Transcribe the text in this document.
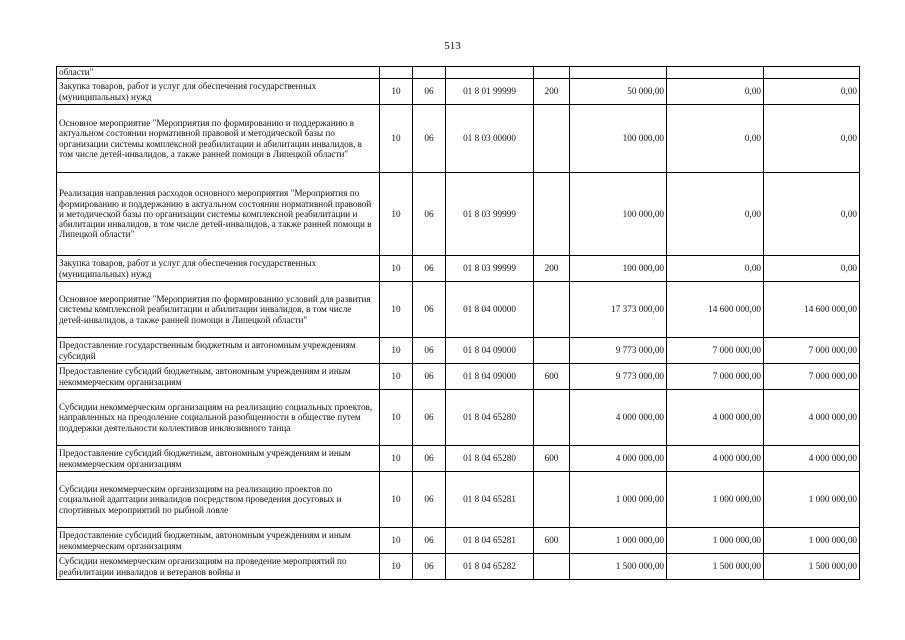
513
области"							
Закупка товаров, работ и услуг для обеспечения государственных (муниципальных) нужд	10	06	01 8 01 99999	200	50 000,00	0,00	0,00
Основное мероприятие "Мероприятия по формированию и поддержанию в актуальном состоянии нормативной правовой и методической базы по организации системы комплексной реабилитации и абилитации инвалидов, в том числе детей-инвалидов, а также ранней помощи в Липецкой области"	10	06	01 8 03 00000		100 000,00	0,00	0,00
Реализация направления расходов основного мероприятия "Мероприятия по формированию и поддержанию в актуальном состоянии нормативной правовой и методической базы по организации системы комплексной реабилитации и абилитации инвалидов, в том числе детей-инвалидов, а также ранней помощи в Липецкой области"	10	06	01 8 03 99999		100 000,00	0,00	0,00
Закупка товаров, работ и услуг для обеспечения государственных (муниципальных) нужд	10	06	01 8 03 99999	200	100 000,00	0,00	0,00
Основное мероприятие "Мероприятия по формированию условий для развития системы комплексной реабилитации и абилитации инвалидов, в том числе детей-инвалидов, а также ранней помощи в Липецкой области"	10	06	01 8 04 00000		17 373 000,00	14 600 000,00	14 600 000,00
Предоставление государственным бюджетным и автономным учреждениям субсидий	10	06	01 8 04 09000		9 773 000,00	7 000 000,00	7 000 000,00
Предоставление субсидий бюджетным, автономным учреждениям и иным некоммерческим организациям	10	06	01 8 04 09000	600	9 773 000,00	7 000 000,00	7 000 000,00
Субсидии некоммерческим организациям на реализацию социальных проектов, направленных на преодоление социальной разобщенности в обществе путем поддержки деятельности коллективов инклюзивного танца	10	06	01 8 04 65280		4 000 000,00	4 000 000,00	4 000 000,00
Предоставление субсидий бюджетным, автономным учреждениям и иным некоммерческим организациям	10	06	01 8 04 65280	600	4 000 000,00	4 000 000,00	4 000 000,00
Субсидии некоммерческим организациям на реализацию проектов по социальной адаптации инвалидов посредством проведения досуговых и спортивных мероприятий по рыбной ловле	10	06	01 8 04 65281		1 000 000,00	1 000 000,00	1 000 000,00
Предоставление субсидий бюджетным, автономным учреждениям и иным некоммерческим организациям	10	06	01 8 04 65281	600	1 000 000,00	1 000 000,00	1 000 000,00
Субсидии некоммерческим организациям на проведение мероприятий по реабилитации инвалидов и ветеранов войны и	10	06	01 8 04 65282		1 500 000,00	1 500 000,00	1 500 000,00
